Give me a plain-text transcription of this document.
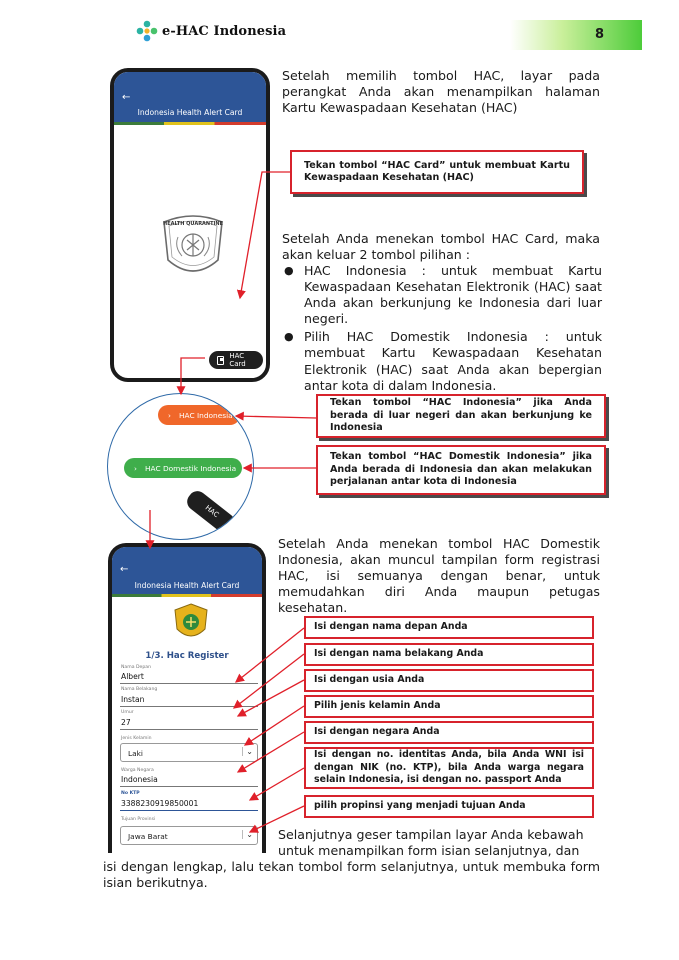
e-HAC Indonesia	8
Setelah memilih tombol HAC, layar pada perangkat Anda akan menampilkan halaman Kartu Kewaspadaan Kesehatan (HAC)
Setelah Anda menekan tombol HAC Card, maka akan keluar 2 tombol pilihan :
● HAC Indonesia : untuk membuat Kartu Kewaspadaan Kesehatan Elektronik (HAC) saat Anda akan berkunjung ke Indonesia dari luar negeri.
● Pilih HAC Domestik Indonesia : untuk membuat Kartu Kewaspadaan Kesehatan Elektronik (HAC) saat Anda akan bepergian antar kota di dalam Indonesia.
Setelah Anda menekan tombol HAC Domestik Indonesia, akan muncul tampilan form registrasi HAC, isi semuanya dengan benar, untuk memudahkan diri Anda maupun petugas kesehatan.
Selanjutnya geser tampilan layar Anda kebawah
untuk menampilkan form isian selanjutnya, dan
isi dengan lengkap, lalu tekan tombol form selanjutnya, untuk membuka form isian berikutnya.
←
Indonesia Health Alert Card
HEALTH QUARANTINE
HAC Card
› HAC Indonesia
› HAC Domestik Indonesia
HAC
←
Indonesia Health Alert Card
1/3. Hac Register
Nama Depan
Albert
Nama Belakang
Instan
Umur
27
Jenis Kelamin
Laki	⌄
Warga Negara
Indonesia
No KTP
3388230919850001
Tujuan Provinsi
Jawa Barat	⌄
Tekan tombol “HAC Card” untuk membuat Kartu Kewaspadaan Kesehatan (HAC)
Tekan tombol “HAC Indonesia” jika Anda berada di luar negeri dan akan berkunjung ke Indonesia
Tekan tombol “HAC Domestik Indonesia” jika Anda berada di Indonesia dan akan melakukan perjalanan antar kota di Indonesia
Isi dengan nama depan Anda
Isi dengan nama belakang Anda
Isi dengan usia Anda
Pilih jenis kelamin Anda
Isi dengan negara Anda
Isi dengan no. identitas Anda, bila Anda WNI isi dengan NIK (no. KTP), bila Anda warga negara selain Indonesia, isi dengan no. passport Anda
pilih propinsi yang menjadi tujuan Anda
